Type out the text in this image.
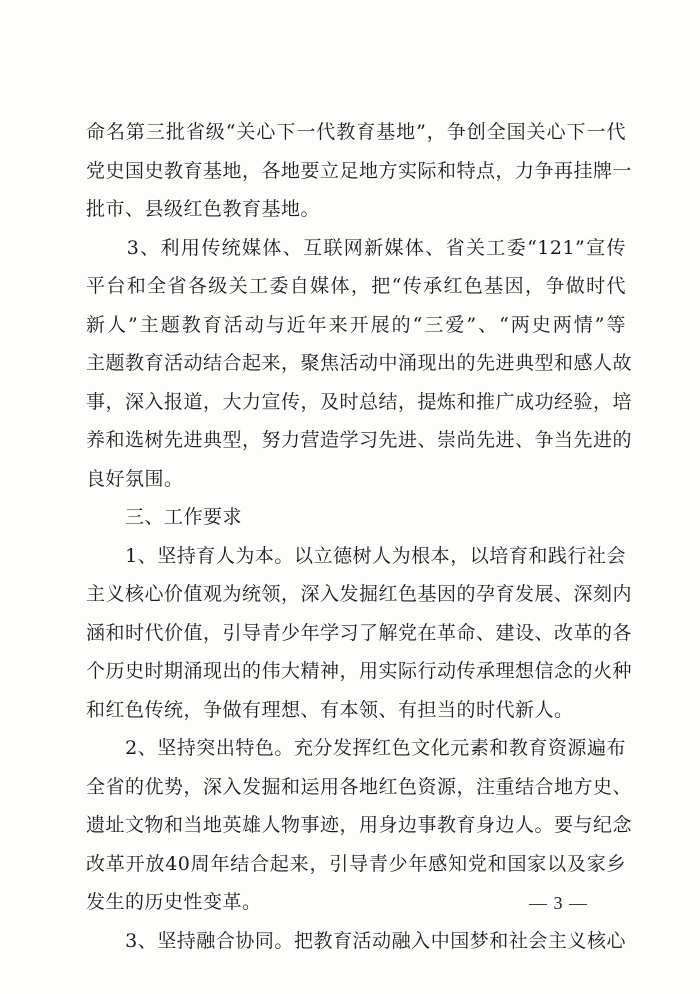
命名第三批省级“关心下一代教育基地”，争创全国关心下一代
党史国史教育基地，各地要立足地方实际和特点，力争再挂牌一
批市、县级红色教育基地。
　　3、利用传统媒体、互联网新媒体、省关工委“121”宣传
平台和全省各级关工委自媒体，把“传承红色基因，争做时代
新人”主题教育活动与近年来开展的“三爱”、“两史两情”等
主题教育活动结合起来，聚焦活动中涌现出的先进典型和感人故
事，深入报道，大力宣传，及时总结，提炼和推广成功经验，培
养和选树先进典型，努力营造学习先进、崇尚先进、争当先进的
良好氛围。
　　三、工作要求
　　1、坚持育人为本。以立德树人为根本，以培育和践行社会
主义核心价值观为统领，深入发掘红色基因的孕育发展、深刻内
涵和时代价值，引导青少年学习了解党在革命、建设、改革的各
个历史时期涌现出的伟大精神，用实际行动传承理想信念的火种
和红色传统，争做有理想、有本领、有担当的时代新人。
　　2、坚持突出特色。充分发挥红色文化元素和教育资源遍布
全省的优势，深入发掘和运用各地红色资源，注重结合地方史、
遗址文物和当地英雄人物事迹，用身边事教育身边人。要与纪念
改革开放40周年结合起来，引导青少年感知党和国家以及家乡
发生的历史性变革。
　　3、坚持融合协同。把教育活动融入中国梦和社会主义核心
— 3 —
